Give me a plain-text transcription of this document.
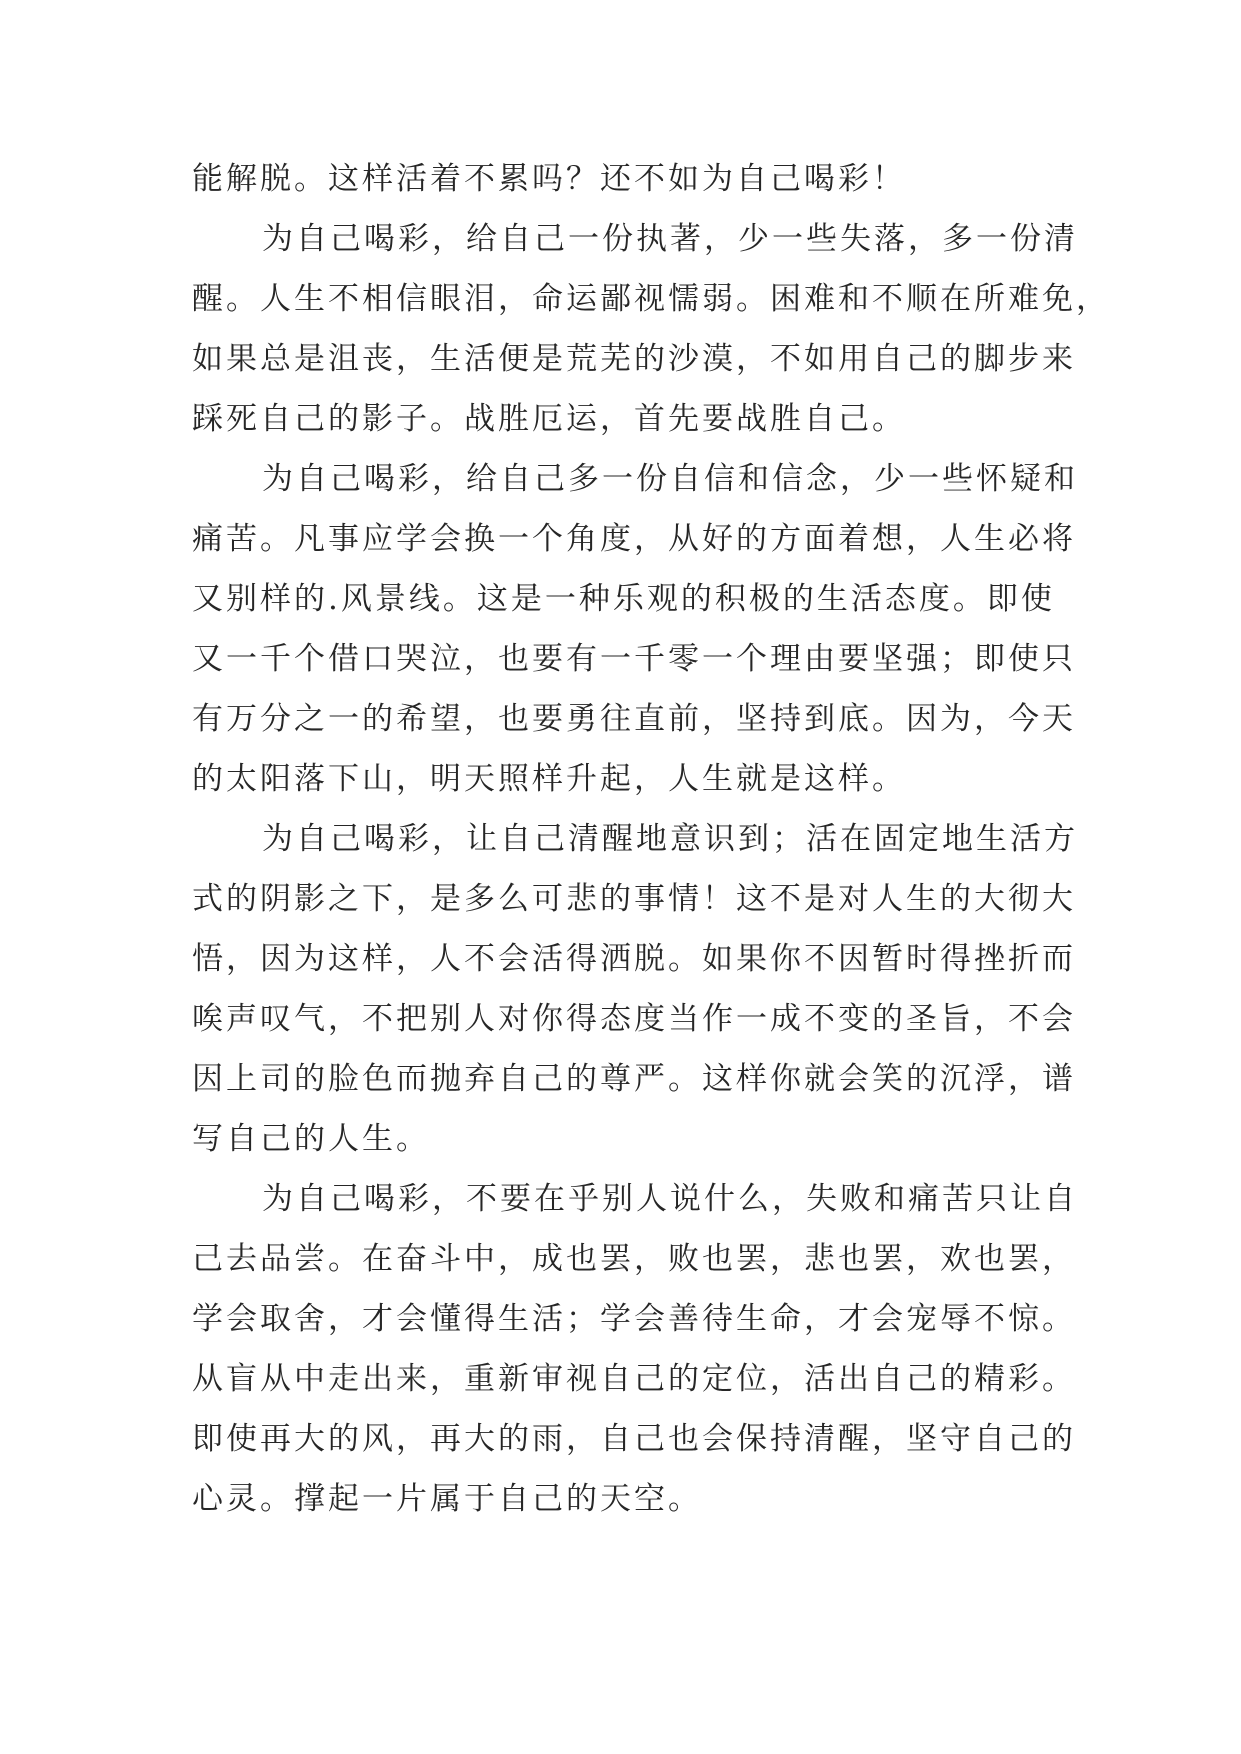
能解脱。这样活着不累吗？还不如为自己喝彩！
为自己喝彩，给自己一份执著，少一些失落，多一份清
醒。人生不相信眼泪，命运鄙视懦弱。困难和不顺在所难免，
如果总是沮丧，生活便是荒芜的沙漠，不如用自己的脚步来
踩死自己的影子。战胜厄运，首先要战胜自己。
为自己喝彩，给自己多一份自信和信念，少一些怀疑和
痛苦。凡事应学会换一个角度，从好的方面着想，人生必将
又别样的.风景线。这是一种乐观的积极的生活态度。即使
又一千个借口哭泣，也要有一千零一个理由要坚强；即使只
有万分之一的希望，也要勇往直前，坚持到底。因为，今天
的太阳落下山，明天照样升起，人生就是这样。
为自己喝彩，让自己清醒地意识到；活在固定地生活方
式的阴影之下，是多么可悲的事情！这不是对人生的大彻大
悟，因为这样，人不会活得洒脱。如果你不因暂时得挫折而
唉声叹气，不把别人对你得态度当作一成不变的圣旨，不会
因上司的脸色而抛弃自己的尊严。这样你就会笑的沉浮，谱
写自己的人生。
为自己喝彩，不要在乎别人说什么，失败和痛苦只让自
己去品尝。在奋斗中，成也罢，败也罢，悲也罢，欢也罢，
学会取舍，才会懂得生活；学会善待生命，才会宠辱不惊。
从盲从中走出来，重新审视自己的定位，活出自己的精彩。
即使再大的风，再大的雨，自己也会保持清醒，坚守自己的
心灵。撑起一片属于自己的天空。
